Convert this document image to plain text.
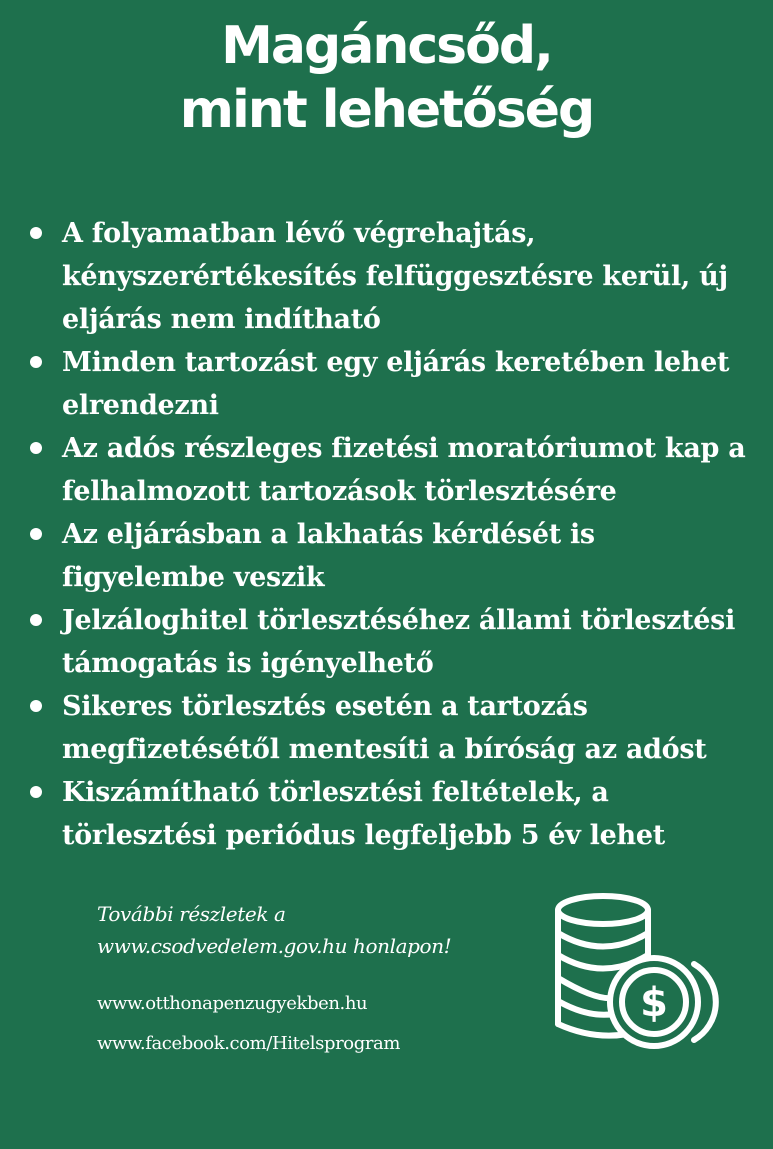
Magáncsőd,
mint lehetőség
A folyamatban lévő végrehajtás, kényszerértékesítés felfüggesztésre kerül, új eljárás nem indítható
Minden tartozást egy eljárás keretében lehet elrendezni
Az adós részleges fizetési moratóriumot kap a felhalmozott tartozások törlesztésére
Az eljárásban a lakhatás kérdését is figyelembe veszik
Jelzáloghitel törlesztéséhez állami törlesztési támogatás is igényelhető
Sikeres törlesztés esetén a tartozás megfizetésétől mentesíti a bíróság az adóst
Kiszámítható törlesztési feltételek, a törlesztési periódus legfeljebb 5 év lehet
További részletek a
www.csodvedelem.gov.hu honlapon!
www.otthonapenzugyekben.hu
www.facebook.com/Hitelsprogram
$
